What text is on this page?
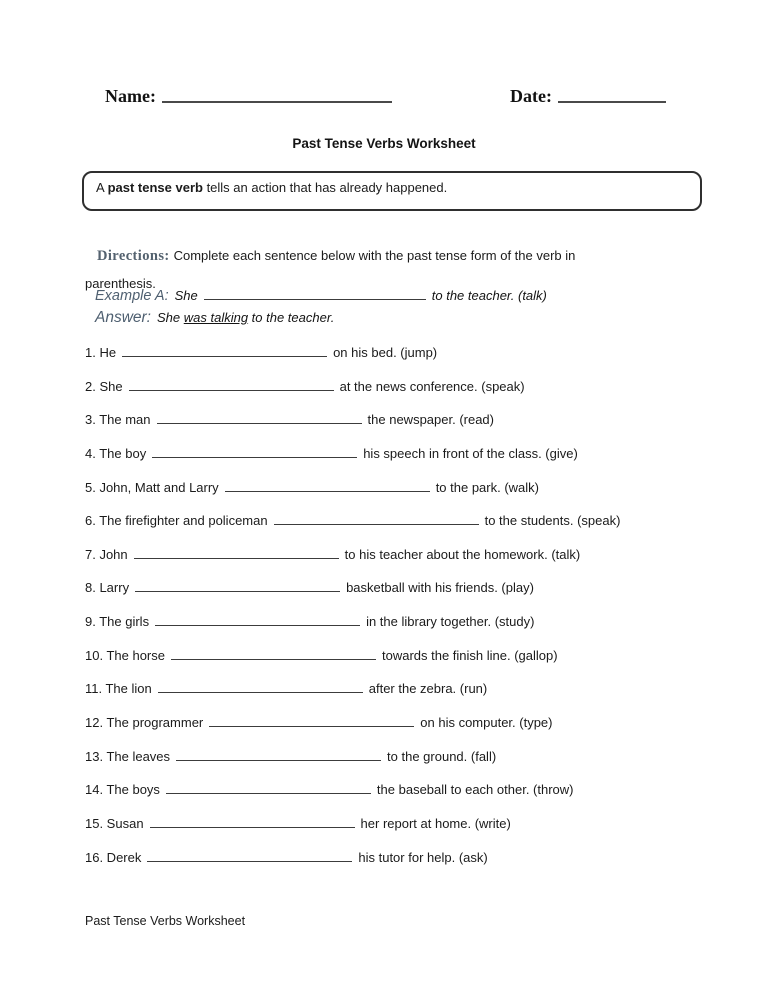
Name:	Date:
Past Tense Verbs Worksheet
A past tense verb tells an action that has already happened.

Directions: Complete each sentence below with the past tense form of the verb in parenthesis.

Example A: She	to the teacher. (talk)
Answer: She was talking to the teacher.
1. He	on his bed. (jump)
2. She	at the news conference. (speak)
3. The man	the newspaper. (read)
4. The boy	his speech in front of the class. (give)
5. John, Matt and Larry	to the park. (walk)
6. The firefighter and policeman	to the students. (speak)
7. John	to his teacher about the homework. (talk)
8. Larry	basketball with his friends. (play)
9. The girls	in the library together. (study)
10. The horse	towards the finish line. (gallop)
11. The lion	after the zebra. (run)
12. The programmer	on his computer. (type)
13. The leaves	to the ground. (fall)
14. The boys	the baseball to each other. (throw)
15. Susan	her report at home. (write)
16. Derek	his tutor for help. (ask)
Past Tense Verbs Worksheet
